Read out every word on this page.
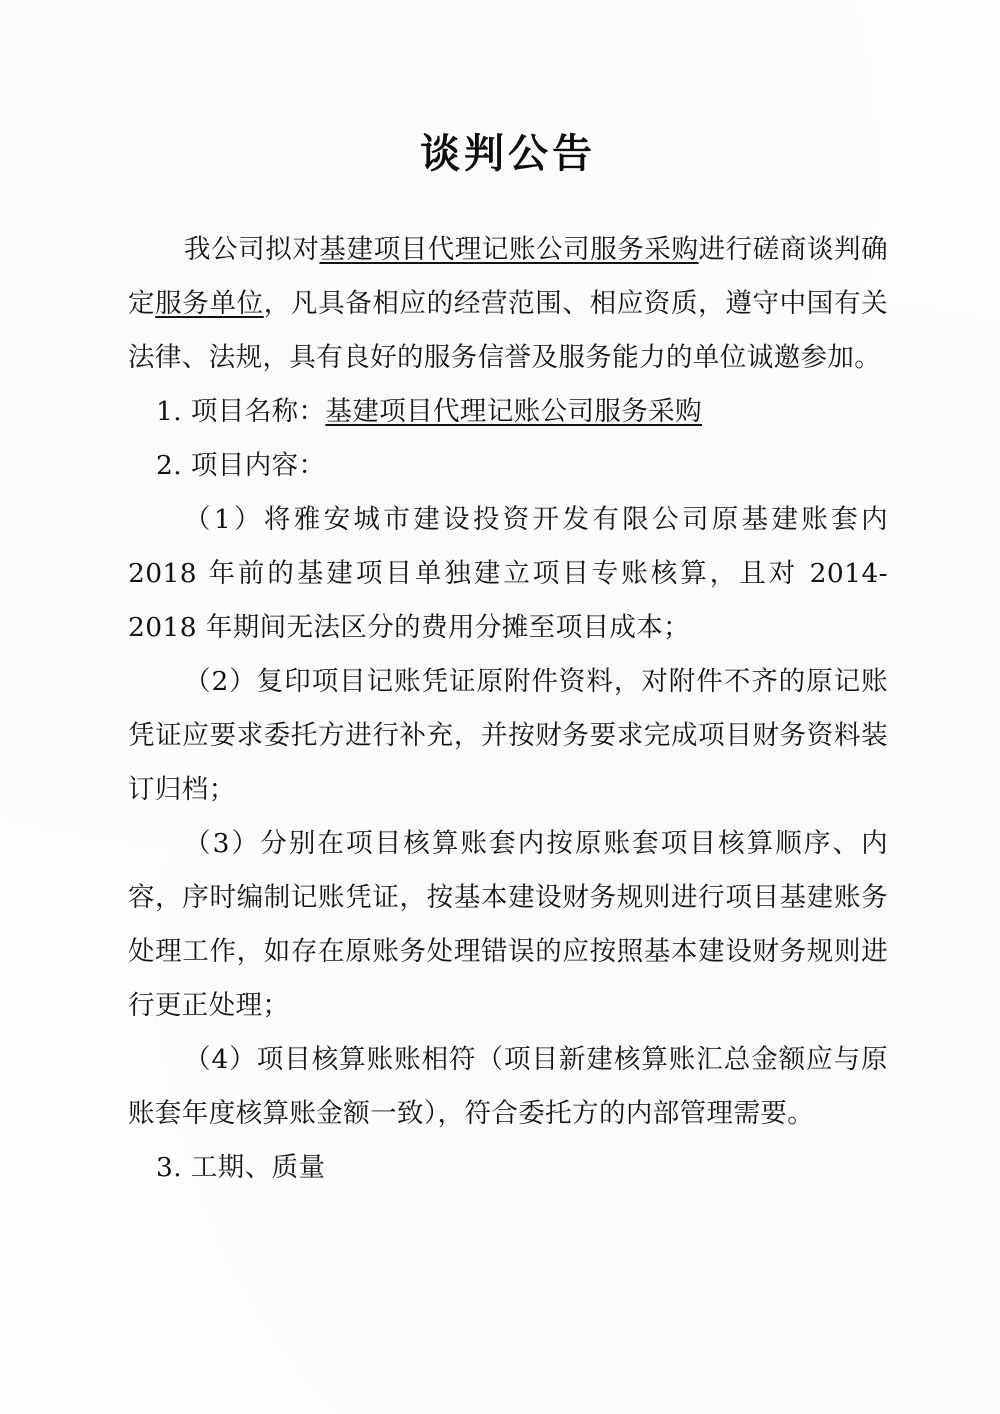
谈判公告

我公司拟对基建项目代理记账公司服务采购进行磋商谈判确定服务单位，凡具备相应的经营范围、相应资质，遵守中国有关法律、法规，具有良好的服务信誉及服务能力的单位诚邀参加。

1. 项目名称：基建项目代理记账公司服务采购

2. 项目内容：

（1）将雅安城市建设投资开发有限公司原基建账套内 2018 年前的基建项目单独建立项目专账核算，且对 2014-2018 年期间无法区分的费用分摊至项目成本；

（2）复印项目记账凭证原附件资料，对附件不齐的原记账凭证应要求委托方进行补充，并按财务要求完成项目财务资料装订归档；

（3）分别在项目核算账套内按原账套项目核算顺序、内容，序时编制记账凭证，按基本建设财务规则进行项目基建账务处理工作，如存在原账务处理错误的应按照基本建设财务规则进行更正处理；

（4）项目核算账账相符（项目新建核算账汇总金额应与原账套年度核算账金额一致），符合委托方的内部管理需要。

3. 工期、质量
